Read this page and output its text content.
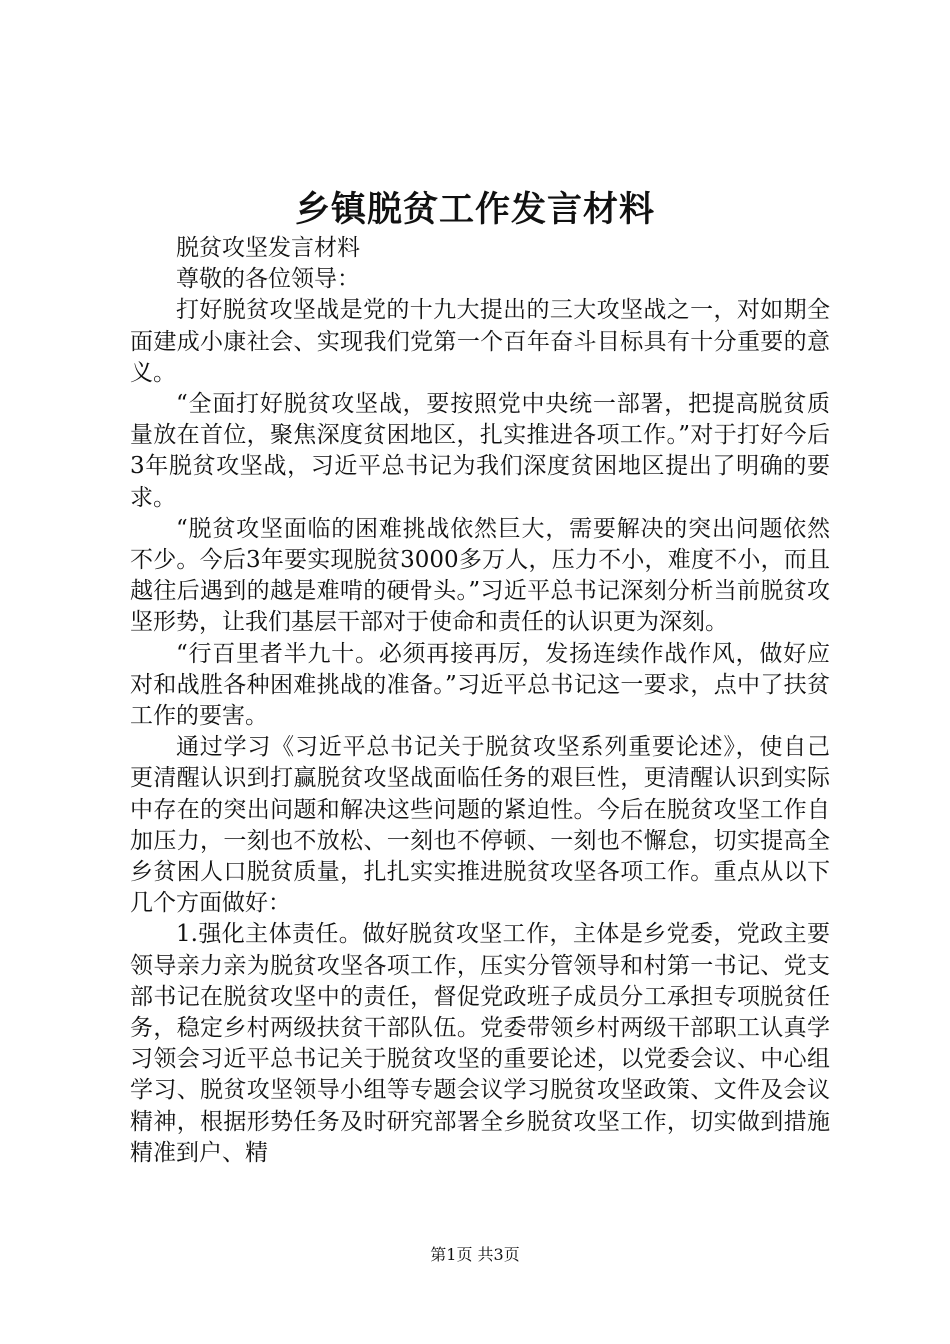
乡镇脱贫工作发言材料

脱贫攻坚发言材料

尊敬的各位领导：

打好脱贫攻坚战是党的十九大提出的三大攻坚战之一，对如期全面建成小康社会、实现我们党第一个百年奋斗目标具有十分重要的意义。

“全面打好脱贫攻坚战，要按照党中央统一部署，把提高脱贫质量放在首位，聚焦深度贫困地区，扎实推进各项工作。”对于打好今后3年脱贫攻坚战，习近平总书记为我们深度贫困地区提出了明确的要求。

“脱贫攻坚面临的困难挑战依然巨大，需要解决的突出问题依然不少。今后3年要实现脱贫3000多万人，压力不小，难度不小，而且越往后遇到的越是难啃的硬骨头。”习近平总书记深刻分析当前脱贫攻坚形势，让我们基层干部对于使命和责任的认识更为深刻。

“行百里者半九十。必须再接再厉，发扬连续作战作风，做好应对和战胜各种困难挑战的准备。”习近平总书记这一要求，点中了扶贫工作的要害。

通过学习《习近平总书记关于脱贫攻坚系列重要论述》，使自己更清醒认识到打赢脱贫攻坚战面临任务的艰巨性，更清醒认识到实际中存在的突出问题和解决这些问题的紧迫性。今后在脱贫攻坚工作自加压力，一刻也不放松、一刻也不停顿、一刻也不懈怠，切实提高全乡贫困人口脱贫质量，扎扎实实推进脱贫攻坚各项工作。重点从以下几个方面做好：

1.强化主体责任。做好脱贫攻坚工作，主体是乡党委，党政主要领导亲力亲为脱贫攻坚各项工作，压实分管领导和村第一书记、党支部书记在脱贫攻坚中的责任，督促党政班子成员分工承担专项脱贫任务，稳定乡村两级扶贫干部队伍。党委带领乡村两级干部职工认真学习领会习近平总书记关于脱贫攻坚的重要论述，以党委会议、中心组学习、脱贫攻坚领导小组等专题会议学习脱贫攻坚政策、文件及会议精神，根据形势任务及时研究部署全乡脱贫攻坚工作，切实做到措施精准到户、精

第1页 共3页
